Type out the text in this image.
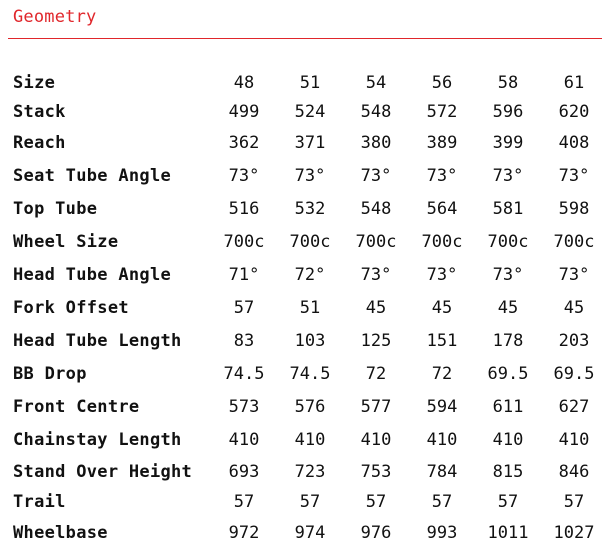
Geometry
Size	48	51	54	56	58	61
Stack	499	524	548	572	596	620
Reach	362	371	380	389	399	408
Seat Tube Angle	73°	73°	73°	73°	73°	73°
Top Tube	516	532	548	564	581	598
Wheel Size	700c	700c	700c	700c	700c	700c
Head Tube Angle	71°	72°	73°	73°	73°	73°
Fork Offset	57	51	45	45	45	45
Head Tube Length	83	103	125	151	178	203
BB Drop	74.5	74.5	72	72	69.5	69.5
Front Centre	573	576	577	594	611	627
Chainstay Length	410	410	410	410	410	410
Stand Over Height	693	723	753	784	815	846
Trail	57	57	57	57	57	57
Wheelbase	972	974	976	993	1011	1027
